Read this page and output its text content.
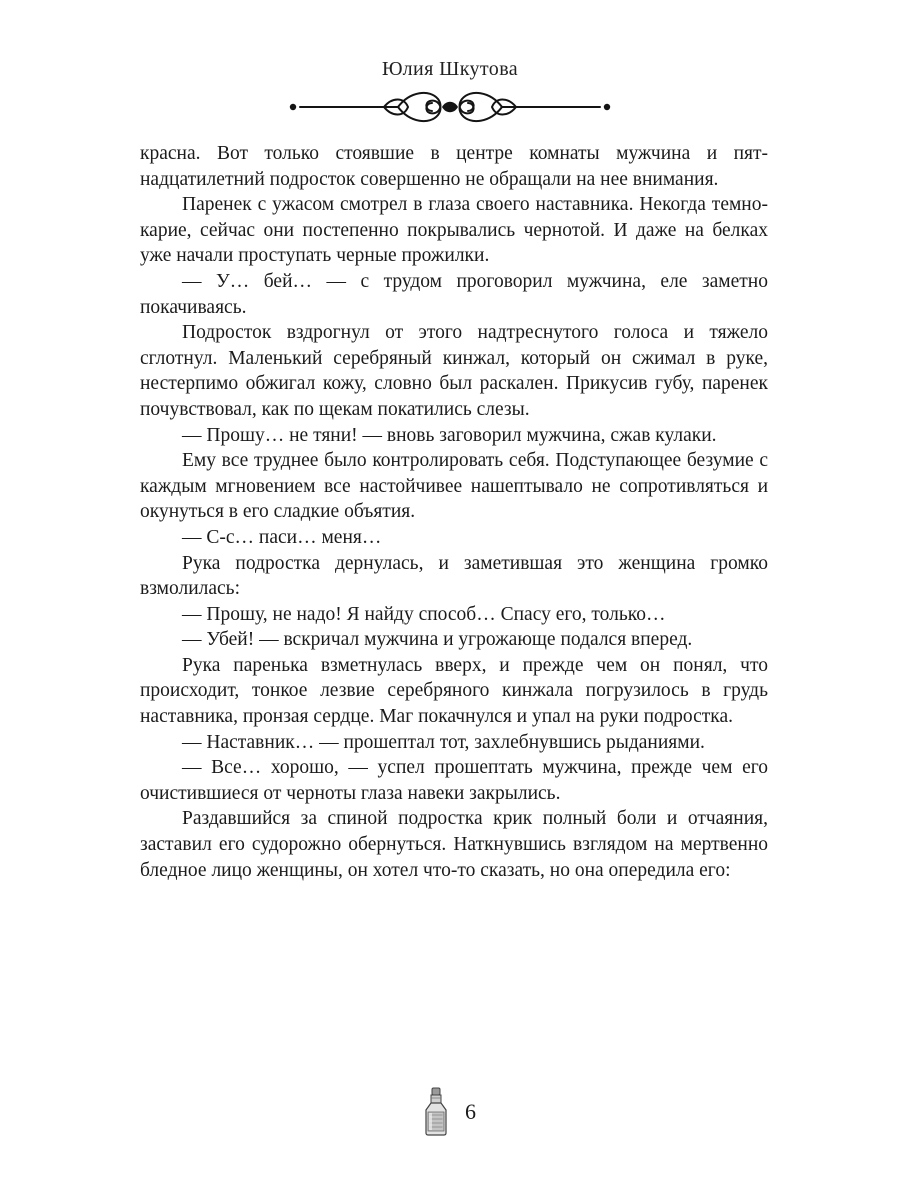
Юлия Шкутова

красна. Вот только стоявшие в центре комнаты мужчина и пятнадцатилетний подросток совершенно не обращали на нее внимания.

Паренек с ужасом смотрел в глаза своего наставника. Некогда темно-карие, сейчас они постепенно покрывались чернотой. И даже на белках уже начали проступать черные прожилки.

— У… бей… — с трудом проговорил мужчина, еле заметно покачиваясь.

Подросток вздрогнул от этого надтреснутого голоса и тяжело сглотнул. Маленький серебряный кинжал, который он сжимал в руке, нестерпимо обжигал кожу, словно был раскален. Прикусив губу, паренек почувствовал, как по щекам покатились слезы.

— Прошу… не тяни! — вновь заговорил мужчина, сжав кулаки.

Ему все труднее было контролировать себя. Подступающее безумие с каждым мгновением все настойчивее нашептывало не сопротивляться и окунуться в его сладкие объятия.

— С-с… паси… меня…

Рука подростка дернулась, и заметившая это женщина громко взмолилась:

— Прошу, не надо! Я найду способ… Спасу его, только…

— Убей! — вскричал мужчина и угрожающе подался вперед.

Рука паренька взметнулась вверх, и прежде чем он понял, что происходит, тонкое лезвие серебряного кинжала погрузилось в грудь наставника, пронзая сердце. Маг покачнулся и упал на руки подростка.

— Наставник… — прошептал тот, захлебнувшись рыданиями.

— Все… хорошо, — успел прошептать мужчина, прежде чем его очистившиеся от черноты глаза навеки закрылись.

Раздавшийся за спиной подростка крик полный боли и отчаяния, заставил его судорожно обернуться. Наткнувшись взглядом на мертвенно бледное лицо женщины, он хотел что-то сказать, но она опередила его:

6
